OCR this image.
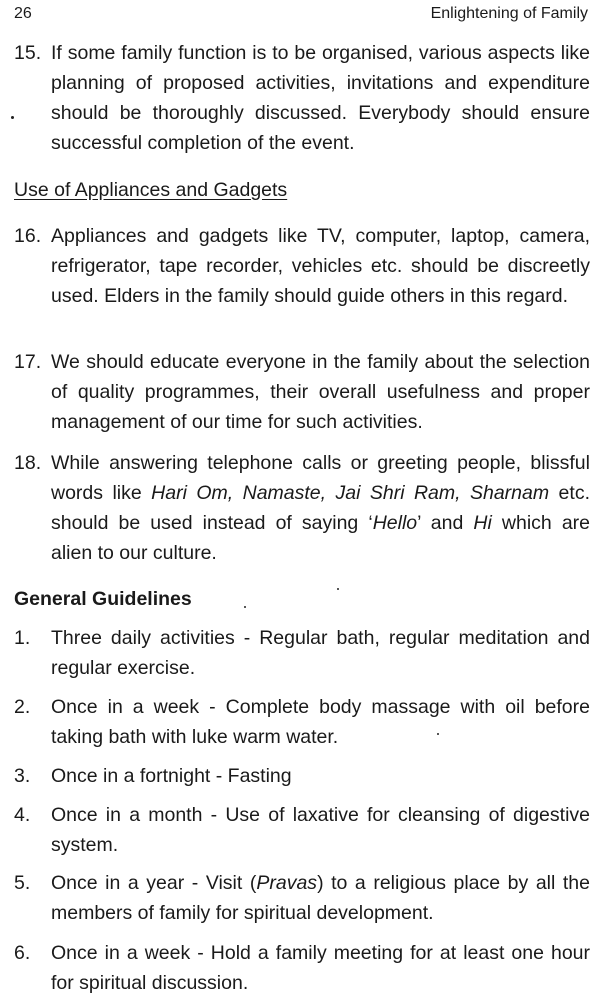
26	Enlightening of Family
15. If some family function is to be organised, various aspects like planning of proposed activities, invitations and expenditure should be thoroughly discussed. Everybody should ensure successful completion of the event.
Use of Appliances and Gadgets
16. Appliances and gadgets like TV, computer, laptop, camera, refrigerator, tape recorder, vehicles etc. should be discreetly used. Elders in the family should guide others in this regard.
17. We should educate everyone in the family about the selection of quality programmes, their overall usefulness and proper management of our time for such activities.
18. While answering telephone calls or greeting people, blissful words like Hari Om, Namaste, Jai Shri Ram, Sharnam etc. should be used instead of saying ‘Hello’ and Hi which are alien to our culture.
General Guidelines
1.	Three daily activities - Regular bath, regular meditation and regular exercise.
2.	Once in a week - Complete body massage with oil before taking bath with luke warm water.
3.	Once in a fortnight - Fasting
4.	Once in a month - Use of laxative for cleansing of digestive system.
5.	Once in a year - Visit (Pravas) to a religious place by all the members of family for spiritual development.
6.	Once in a week - Hold a family meeting for at least one hour for spiritual discussion.
